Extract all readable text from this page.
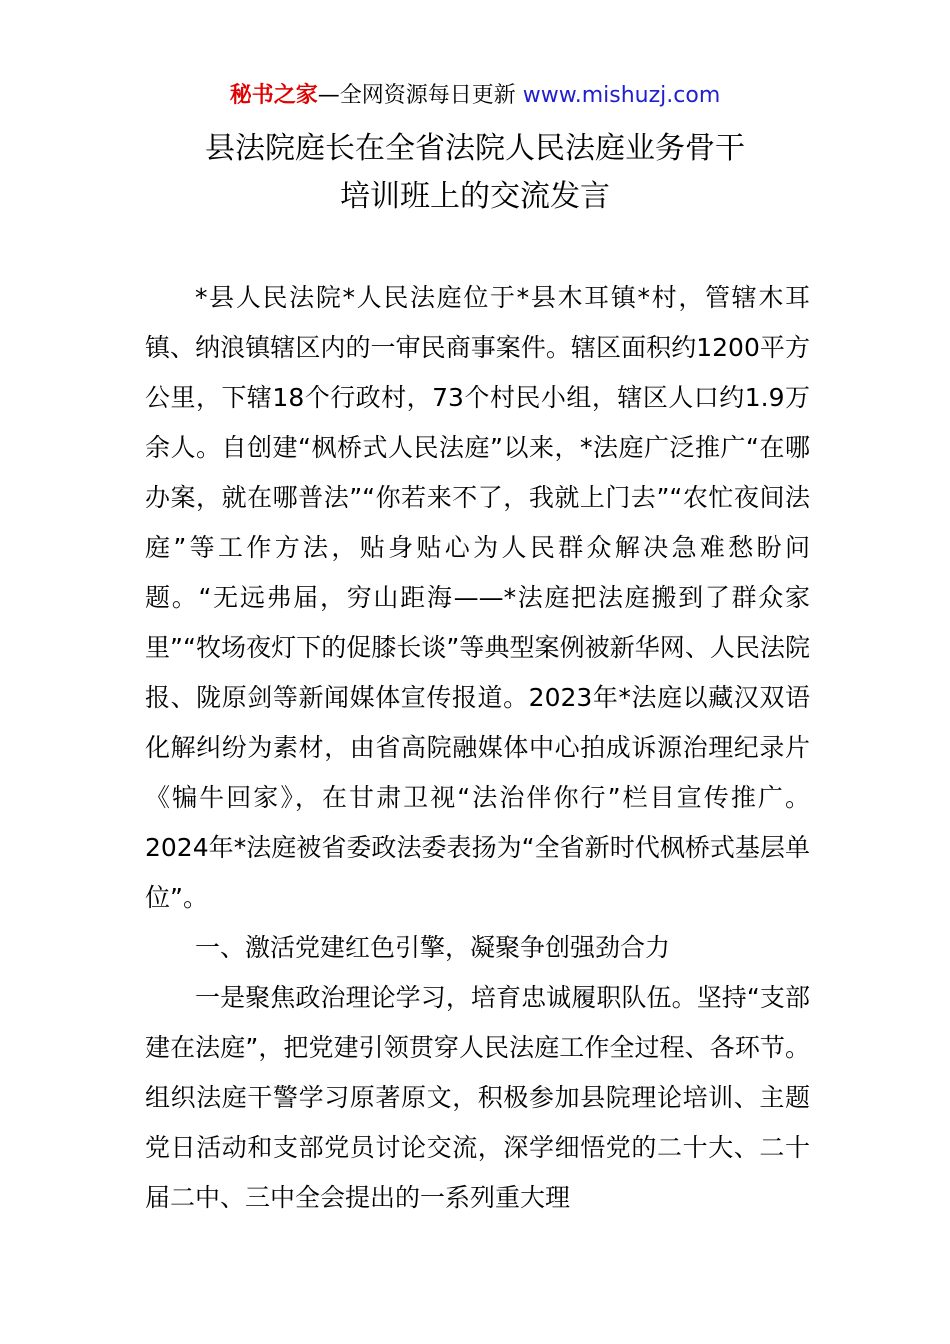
秘书之家—全网资源每日更新 www.mishuzj.com
县法院庭长在全省法院人民法庭业务骨干
培训班上的交流发言

*县人民法院*人民法庭位于*县木耳镇*村，管辖木耳镇、纳浪镇辖区内的一审民商事案件。辖区面积约1200平方公里，下辖18个行政村，73个村民小组，辖区人口约1.9万余人。自创建“枫桥式人民法庭”以来，*法庭广泛推广“在哪办案，就在哪普法”“你若来不了，我就上门去”“农忙夜间法庭”等工作方法，贴身贴心为人民群众解决急难愁盼问题。“无远弗届，穷山距海——*法庭把法庭搬到了群众家里”“牧场夜灯下的促膝长谈”等典型案例被新华网、人民法院报、陇原剑等新闻媒体宣传报道。2023年*法庭以藏汉双语化解纠纷为素材，由省高院融媒体中心拍成诉源治理纪录片《犏牛回家》，在甘肃卫视“法治伴你行”栏目宣传推广。2024年*法庭被省委政法委表扬为“全省新时代枫桥式基层单位”。

一、激活党建红色引擎，凝聚争创强劲合力

一是聚焦政治理论学习，培育忠诚履职队伍。坚持“支部建在法庭”，把党建引领贯穿人民法庭工作全过程、各环节。组织法庭干警学习原著原文，积极参加县院理论培训、主题党日活动和支部党员讨论交流，深学细悟党的二十大、二十届二中、三中全会提出的一系列重大理
